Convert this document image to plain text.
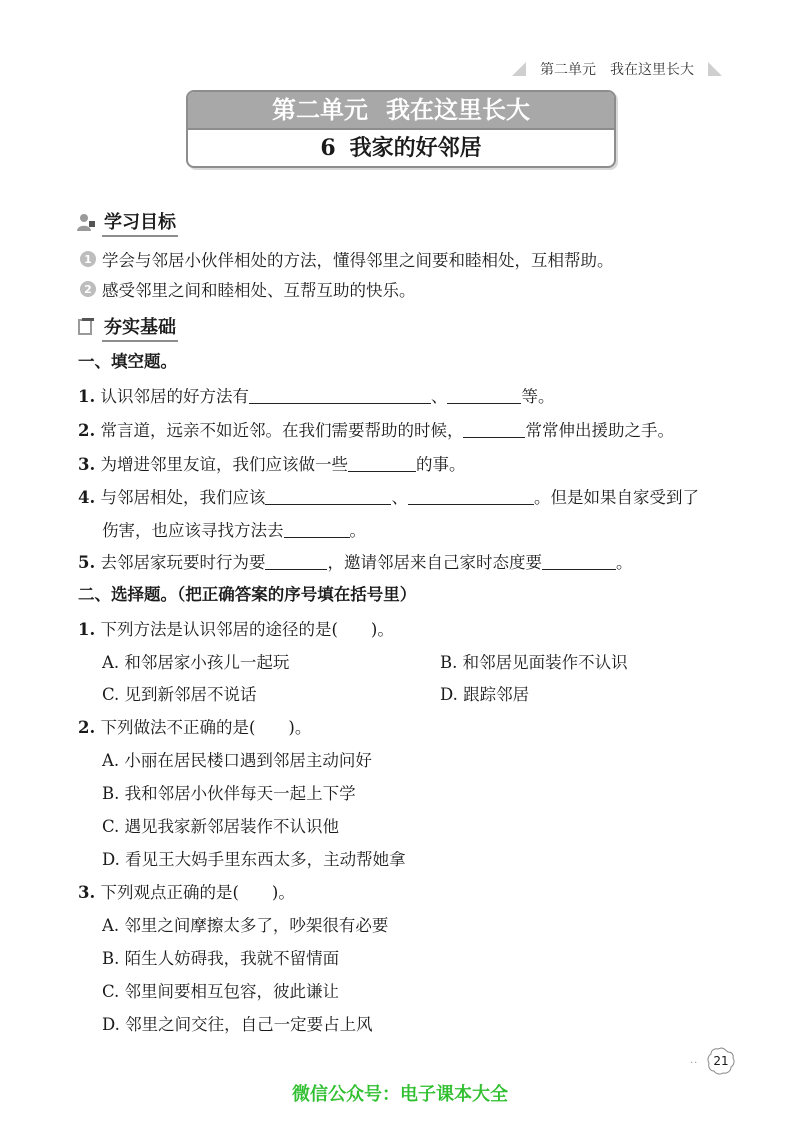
第二单元 我在这里长大
第二单元 我在这里长大
6 我家的好邻居
学习目标
1 学会与邻居小伙伴相处的方法，懂得邻里之间要和睦相处，互相帮助。
2 感受邻里之间和睦相处、互帮互助的快乐。
夯实基础
一、填空题。
1. 认识邻居的好方法有	、	等。
2. 常言道，远亲不如近邻。在我们需要帮助的时候，	常常伸出援助之手。
3. 为增进邻里友谊，我们应该做一些	的事。
4. 与邻居相处，我们应该	、	。但是如果自家受到了
伤害，也应该寻找方法去	。
5. 去邻居家玩要时行为要	，邀请邻居来自己家时态度要	。
二、选择题。（把正确答案的序号填在括号里）
1. 下列方法是认识邻居的途径的是(　　)。
A. 和邻居家小孩儿一起玩	B. 和邻居见面装作不认识
C. 见到新邻居不说话	D. 跟踪邻居
2. 下列做法不正确的是(　　)。
A. 小丽在居民楼口遇到邻居主动问好
B. 我和邻居小伙伴每天一起上下学
C. 遇见我家新邻居装作不认识他
D. 看见王大妈手里东西太多，主动帮她拿
3. 下列观点正确的是(　　)。
A. 邻里之间摩擦太多了，吵架很有必要
B. 陌生人妨碍我，我就不留情面
C. 邻里间要相互包容，彼此谦让
D. 邻里之间交往，自己一定要占上风
·· 21
微信公众号：电子课本大全
